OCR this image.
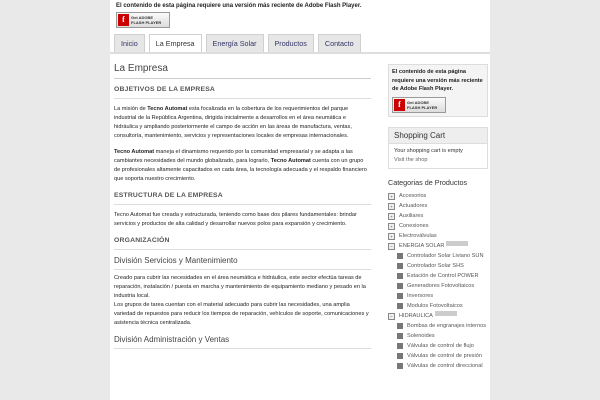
El contenido de esta página requiere una versión más reciente de Adobe Flash Player.
f	Get ADOBE
FLASH PLAYER
Inicio	La Empresa	Energía Solar	Productos	Contacto
La Empresa
OBJETIVOS DE LA EMPRESA

La misión de Tecno Automat esta focalizada en la cobertura de los requerimientos del parque industrial de la República Argentina, dirigida inicialmente a desarrollos en el área neumática e hidráulica y ampliando posteriormente el campo de acción en las áreas de manufactura, ventas, consultoría, mantenimiento, servicios y representaciones locales de empresas internacionales.

Tecno Automat maneja el dinamismo requerido por la comunidad empresarial y se adapta a las cambiantes necesidades del mundo globalizado, para lograrlo, Tecno Automat cuenta con un grupo de profesionales altamente capacitados en cada área, la tecnología adecuada y el respaldo financiero que soporta nuestro crecimiento.

ESTRUCTURA DE LA EMPRESA

Tecno Automat fue creada y estructurada, teniendo como base dos pilares fundamentales: brindar servicios y productos de alta calidad y desarrollar nuevos polos para expansión y crecimiento.

ORGANIZACIÓN
División Servicios y Mantenimiento

Creado para cubrir las necesidades en el área neumática e hidráulica, este sector efectúa tareas de reparación, instalación / puesta en marcha y mantenimiento de equipamiento mediano y pesado en la industria local.

Los grupos de tarea cuentan con el material adecuado para cubrir las necesidades, una amplia variedad de repuestos para reducir los tiempos de reparación, vehículos de soporte, comunicaciones y asistencia técnica centralizada.

División Administración y Ventas
El contenido de esta página requiere una versión más reciente de Adobe Flash Player.
f	Get ADOBE
FLASH PLAYER
Shopping Cart
Your shopping cart is empty
Visit the shop
Categorias de Productos
+	Accesorios
+	Actuadores
+	Auxiliares
+	Conexiones
+	Electroválvulas
−	ENERGIA SOLAR
Controlador Solar Liviano SUN
Controlador Solar SHS
Estación de Control POWER
Generadores Fotovoltaicos
Inversores
Modulos Fotovoltaicos
−	HIDRAULICA
Bombas de engranajes internos
Solenoides
Válvulas de control de flujo
Válvulas de control de presión
Válvulas de control direccional
